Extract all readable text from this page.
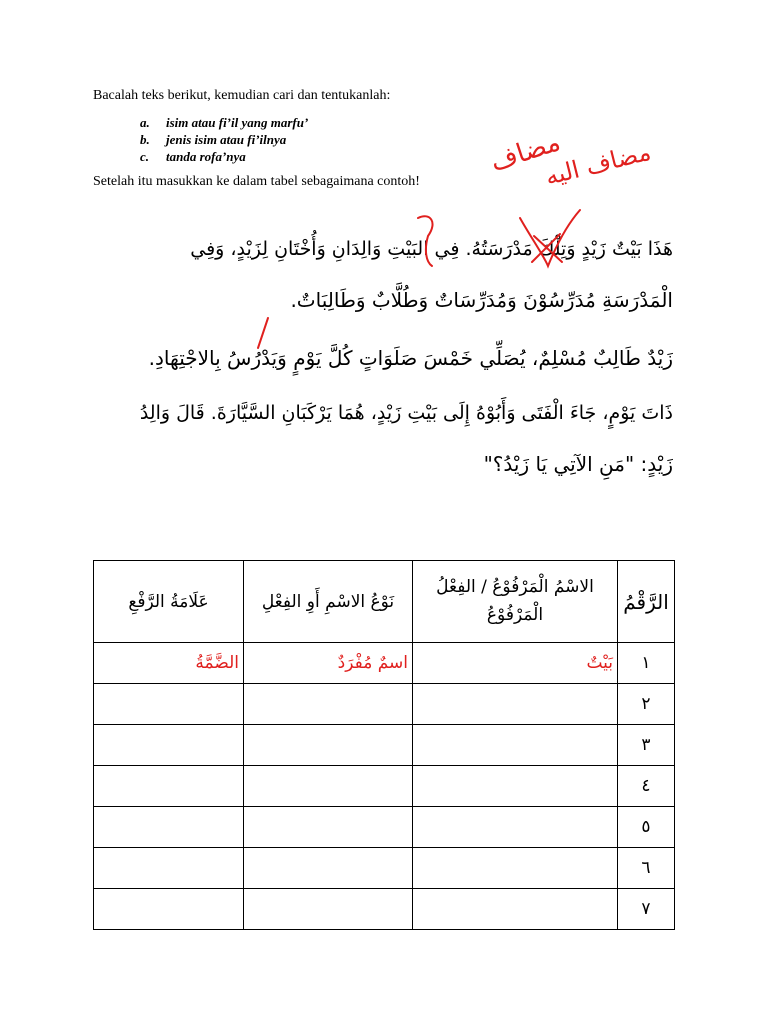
Bacalah teks berikut, kemudian cari dan tentukanlah:
a. isim atau fi’il yang marfu’
b. jenis isim atau fi’ilnya
c. tanda rofa’nya
Setelah itu masukkan ke dalam tabel sebagaimana contoh!
هَذَا بَيْتٌ زَيْدٍ وَتِلْكَ مَدْرَسَتُهُ. فِي البَيْتِ وَالِدَانِ وَأُخْتَانِ لِزَيْدٍ، وَفِي
الْمَدْرَسَةِ مُدَرِّسُوْنَ وَمُدَرِّسَاتٌ وَطُلَّابٌ وَطَالِبَاتٌ.
زَيْدٌ طَالِبٌ مُسْلِمٌ، يُصَلِّي خَمْسَ صَلَوَاتٍ كُلَّ يَوْمٍ وَيَدْرُسُ بِالاجْتِهَادِ.
ذَاتَ يَوْمٍ، جَاءَ الْفَتَى وَأَبُوْهُ إِلَى بَيْتِ زَيْدٍ، هُمَا يَرْكَبَانِ السَّيَّارَةَ. قَالَ وَالِدُ
زَيْدٍ: "مَنِ الآتِي يَا زَيْدُ؟"
مضاف
مضاف اليه
الرَّقْمُ	الاسْمُ الْمَرْفُوْعُ / الفِعْلُ الْمَرْفُوْعُ	نَوْعُ الاسْمِ أَوِ الفِعْلِ	عَلَامَةُ الرَّفْعِ
١	بَيْتٌ	اسمٌ مُفْرَدٌ	الضَّمَّةُ
٢			
٣			
٤			
٥			
٦			
٧			
